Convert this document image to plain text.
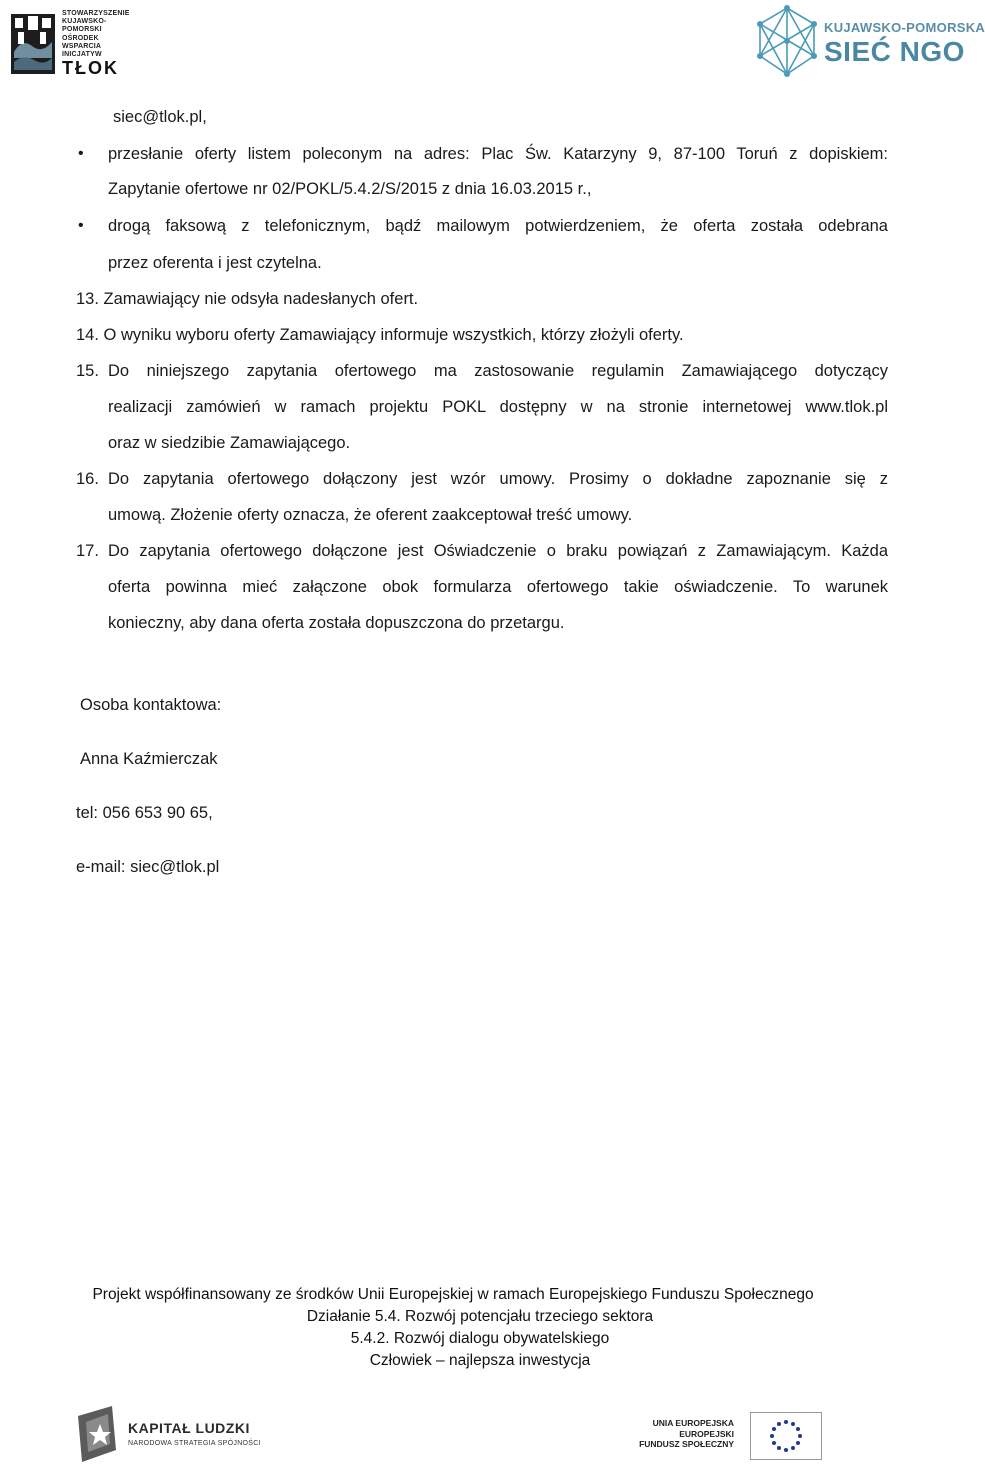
STOWARZYSZENIE
KUJAWSKO-
POMORSKI
OŚRODEK
WSPARCIA
INICJATYW
TŁOK
KUJAWSKO-POMORSKA
SIEĆ NGO
siec@tlok.pl,
• przesłanie oferty listem poleconym na adres: Plac Św. Katarzyny 9, 87-100 Toruń z dopiskiem:
Zapytanie ofertowe nr 02/POKL/5.4.2/S/2015 z dnia 16.03.2015 r.,
• drogą faksową z telefonicznym, bądź mailowym potwierdzeniem, że oferta została odebrana
przez oferenta i jest czytelna.
13. Zamawiający nie odsyła nadesłanych ofert.
14. O wyniku wyboru oferty Zamawiający informuje wszystkich, którzy złożyli oferty.
15. Do niniejszego zapytania ofertowego ma zastosowanie regulamin Zamawiającego dotyczący
realizacji zamówień w ramach projektu POKL dostępny w na stronie internetowej www.tlok.pl
oraz w siedzibie Zamawiającego.
16. Do zapytania ofertowego dołączony jest wzór umowy. Prosimy o dokładne zapoznanie się z
umową. Złożenie oferty oznacza, że oferent zaakceptował treść umowy.
17. Do zapytania ofertowego dołączone jest Oświadczenie o braku powiązań z Zamawiającym. Każda
oferta powinna mieć załączone obok formularza ofertowego takie oświadczenie. To warunek
konieczny, aby dana oferta została dopuszczona do przetargu.
Osoba kontaktowa:
Anna Kaźmierczak
tel: 056 653 90 65,
e-mail: siec@tlok.pl
Projekt współfinansowany ze środków Unii Europejskiej w ramach Europejskiego Funduszu Społecznego
Działanie 5.4. Rozwój potencjału trzeciego sektora
5.4.2. Rozwój dialogu obywatelskiego
Człowiek – najlepsza inwestycja
KAPITAŁ LUDZKI
NARODOWA STRATEGIA SPÓJNOŚCI
UNIA EUROPEJSKA
EUROPEJSKI
FUNDUSZ SPOŁECZNY
